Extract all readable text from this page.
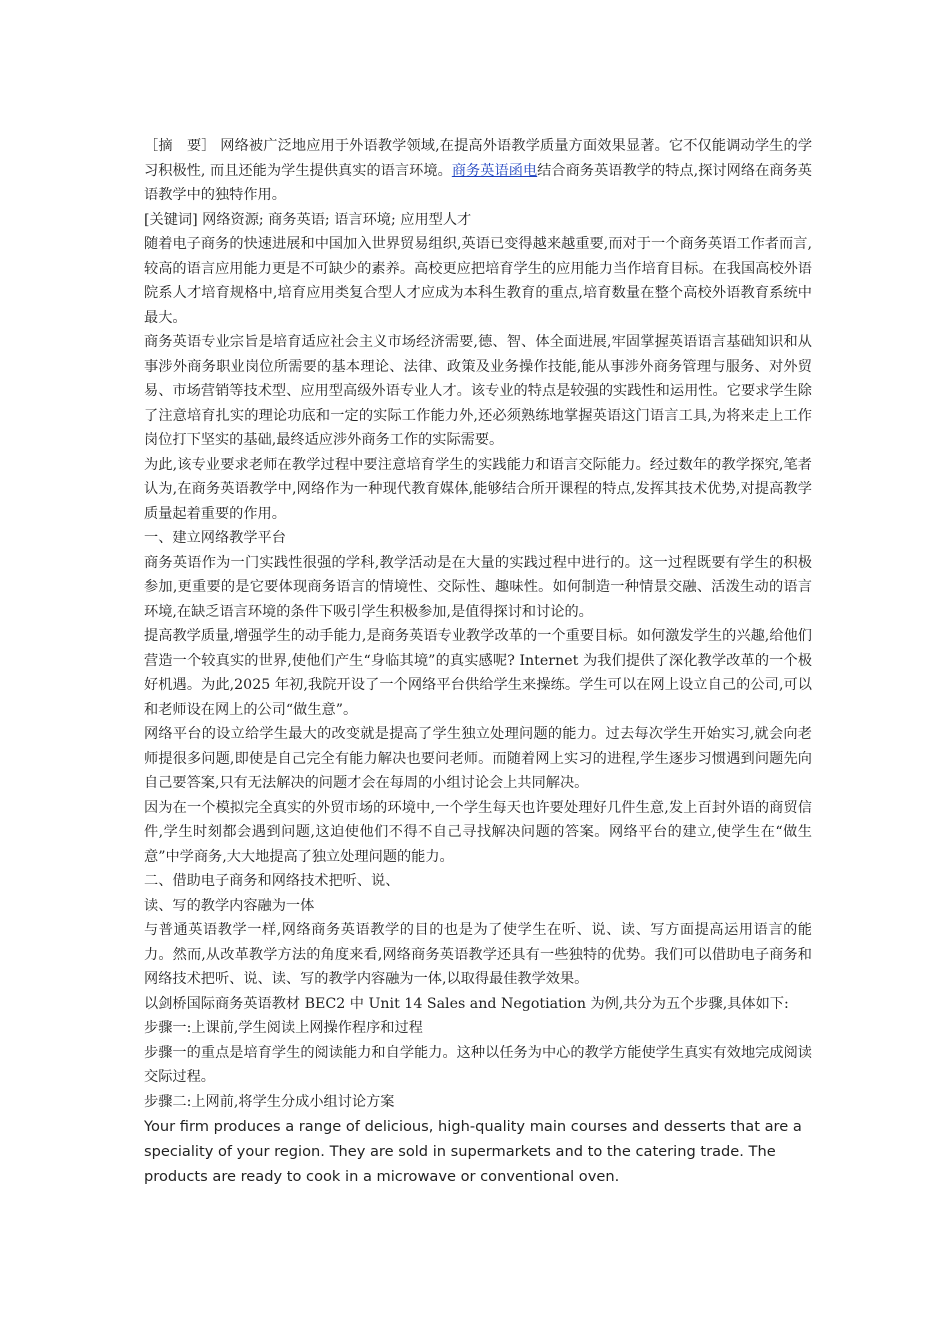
［摘　要］ 网络被广泛地应用于外语教学领域,在提高外语教学质量方面效果显著。它不仅能调动学生的学习积极性, 而且还能为学生提供真实的语言环境。商务英语函电结合商务英语教学的特点,探讨网络在商务英语教学中的独特作用。

[关键词] 网络资源; 商务英语; 语言环境; 应用型人才

随着电子商务的快速进展和中国加入世界贸易组织,英语已变得越来越重要,而对于一个商务英语工作者而言,较高的语言应用能力更是不可缺少的素养。高校更应把培育学生的应用能力当作培育目标。在我国高校外语院系人才培育规格中,培育应用类复合型人才应成为本科生教育的重点,培育数量在整个高校外语教育系统中最大。

商务英语专业宗旨是培育适应社会主义市场经济需要,德、智、体全面进展,牢固掌握英语语言基础知识和从事涉外商务职业岗位所需要的基本理论、法律、政策及业务操作技能,能从事涉外商务管理与服务、对外贸易、市场营销等技术型、应用型高级外语专业人才。该专业的特点是较强的实践性和运用性。它要求学生除了注意培育扎实的理论功底和一定的实际工作能力外,还必须熟练地掌握英语这门语言工具,为将来走上工作岗位打下坚实的基础,最终适应涉外商务工作的实际需要。

为此,该专业要求老师在教学过程中要注意培育学生的实践能力和语言交际能力。经过数年的教学探究,笔者认为,在商务英语教学中,网络作为一种现代教育媒体,能够结合所开课程的特点,发挥其技术优势,对提高教学质量起着重要的作用。

一、建立网络教学平台

商务英语作为一门实践性很强的学科,教学活动是在大量的实践过程中进行的。这一过程既要有学生的积极参加,更重要的是它要体现商务语言的情境性、交际性、趣味性。如何制造一种情景交融、活泼生动的语言环境,在缺乏语言环境的条件下吸引学生积极参加,是值得探讨和讨论的。

提高教学质量,增强学生的动手能力,是商务英语专业教学改革的一个重要目标。如何激发学生的兴趣,给他们营造一个较真实的世界,使他们产生“身临其境”的真实感呢? Internet 为我们提供了深化教学改革的一个极好机遇。为此,2025 年初,我院开设了一个网络平台供给学生来操练。学生可以在网上设立自己的公司,可以和老师设在网上的公司“做生意”。

网络平台的设立给学生最大的改变就是提高了学生独立处理问题的能力。过去每次学生开始实习,就会向老师提很多问题,即使是自己完全有能力解决也要问老师。而随着网上实习的进程,学生逐步习惯遇到问题先向自己要答案,只有无法解决的问题才会在每周的小组讨论会上共同解决。

因为在一个模拟完全真实的外贸市场的环境中,一个学生每天也许要处理好几件生意,发上百封外语的商贸信件,学生时刻都会遇到问题,这迫使他们不得不自己寻找解决问题的答案。网络平台的建立,使学生在“做生意”中学商务,大大地提高了独立处理问题的能力。

二、借助电子商务和网络技术把听、说、

读、写的教学内容融为一体

与普通英语教学一样,网络商务英语教学的目的也是为了使学生在听、说、读、写方面提高运用语言的能力。然而,从改革教学方法的角度来看,网络商务英语教学还具有一些独特的优势。我们可以借助电子商务和网络技术把听、说、读、写的教学内容融为一体,以取得最佳教学效果。

以剑桥国际商务英语教材 BEC2 中 Unit 14 Sales and Negotiation 为例,共分为五个步骤,具体如下:

步骤一:上课前,学生阅读上网操作程序和过程

步骤一的重点是培育学生的阅读能力和自学能力。这种以任务为中心的教学方能使学生真实有效地完成阅读交际过程。

步骤二:上网前,将学生分成小组讨论方案

Your firm produces a range of delicious, high-quality main courses and desserts that are a speciality of your region. They are sold in supermarkets and to the catering trade. The products are ready to cook in a microwave or conventional oven.
